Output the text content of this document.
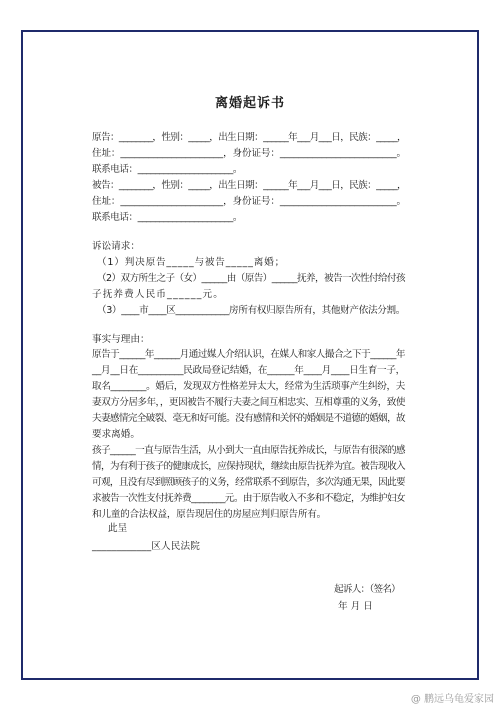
离婚起诉书
原告：________，性别：_____，出生日期：______年___月___日，民族：_____，
住址：______________________，身份证号：_________________________。
联系电话：______________________。
被告：________，性别：_____，出生日期：______年___月___日，民族：_____，
住址：______________________，身份证号：_________________________。
联系电话：______________________。
诉讼请求：
（1）判决原告_____与被告_____离婚；
（2）双方所生之子（女）______由（原告）______抚养，被告一次性付给付孩
子抚养费人民币______元。
（3）____市____区____________房所有权归原告所有，其他财产依法分割。
事实与理由：
原告于______年______月通过媒人介绍认识，在媒人和家人撮合之下于______年
__月__日在__________民政局登记结婚，在______年____月____日生育一子，
取名________。婚后，发现双方性格差异太大，经常为生活琐事产生纠纷，夫
妻双方分居多年，，更因被告不履行夫妻之间互相忠实、互相尊重的义务，致使
夫妻感情完全破裂、毫无和好可能。没有感情和关怀的婚姻是不道德的婚姻，故
要求离婚。
孩子______一直与原告生活，从小到大一直由原告抚养成长，与原告有很深的感
情，为有利于孩子的健康成长，应保持现状，继续由原告抚养为宜。被告现收入
可观，且没有尽到照顾孩子的义务，经常联系不到原告，多次沟通无果，因此要
求被告一次性支付抚养费________元。由于原告收入不多和不稳定，为维护妇女
和儿童的合法权益，原告现居住的房屋应判归原告所有。
此呈
____________区人民法院
起诉人：（签名）
年 月 日
@ 鹏远乌龟爱家园
